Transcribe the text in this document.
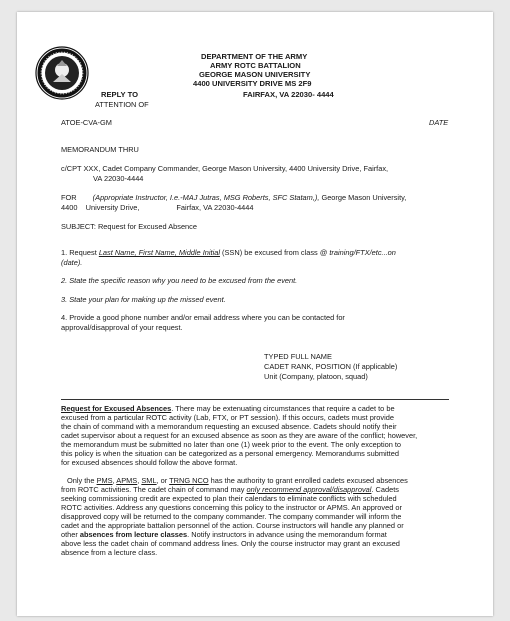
DEPARTMENT OF THE ARMY
ARMY ROTC BATTALION
GEORGE MASON UNIVERSITY
4400 UNIVERSITY DRIVE MS 2F9
FAIRFAX, VA 22030- 4444
REPLY TO
ATTENTION OF
ATOE-CVA-GM	DATE
MEMORANDUM THRU
c/CPT XXX, Cadet Company Commander, George Mason University, 4400 University Drive, Fairfax,
VA 22030-4444
FOR (Appropriate Instructor, I.e.-MAJ Jutras, MSG Roberts, SFC Statam,), George Mason University,
4400    University Drive,                  Fairfax, VA 22030-4444
SUBJECT: Request for Excused Absence
1. Request Last Name, First Name, Middle Initial (SSN) be excused from class @ training/FTX/etc...on
(date).
2. State the specific reason why you need to be excused from the event.
3. State your plan for making up the missed event.
4. Provide a good phone number and/or email address where you can be contacted for
approval/disapproval of your request.
TYPED FULL NAME
CADET RANK, POSITION (If applicable)
Unit (Company, platoon, squad)
Request for Excused Absences. There may be extenuating circumstances that require a cadet to be
excused from a particular ROTC activity (Lab, FTX, or PT session). If this occurs, cadets must provide
the chain of command with a memorandum requesting an excused absence. Cadets should notify their
cadet supervisor about a request for an excused absence as soon as they are aware of the conflict; however,
the memorandum must be submitted no later than one (1) week prior to the event. The only exception to
this policy is when the situation can be categorized as a personal emergency. Memorandums submitted
for excused absences should follow the above format.
Only the PMS, APMS, SML, or TRNG NCO has the authority to grant enrolled cadets excused absences
from ROTC activities. The cadet chain of command may only recommend approval/disapproval. Cadets
seeking commissioning credit are expected to plan their calendars to eliminate conflicts with scheduled
ROTC activities. Address any questions concerning this policy to the instructor or APMS. An approved or
disapproved copy will be returned to the company commander. The company commander will inform the
cadet and the appropriate battalion personnel of the action. Course instructors will handle any planned or
other absences from lecture classes. Notify instructors in advance using the memorandum format
above less the cadet chain of command address lines. Only the course instructor may grant an excused
absence from a lecture class.
